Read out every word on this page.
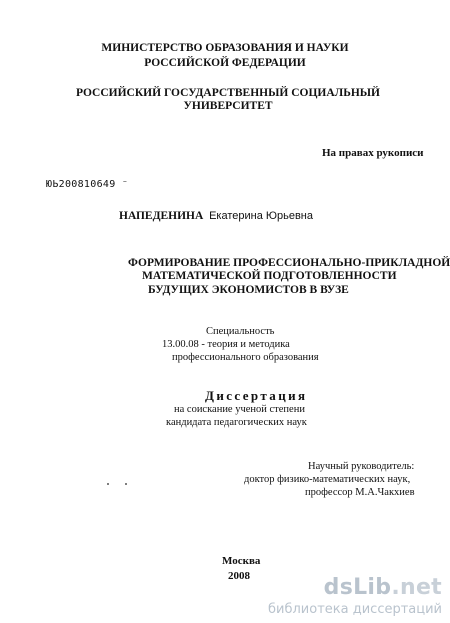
МИНИСТЕРСТВО ОБРАЗОВАНИЯ И НАУКИ
РОССИЙСКОЙ ФЕДЕРАЦИИ
РОССИЙСКИЙ ГОСУДАРСТВЕННЫЙ СОЦИАЛЬНЫЙ
УНИВЕРСИТЕТ
На правах рукописи
ЮЬ200810649 ⁻
НАПЕДЕНИНА Екатерина Юрьевна
ФОРМИРОВАНИЕ ПРОФЕССИОНАЛЬНО-ПРИКЛАДНОЙ
МАТЕМАТИЧЕСКОЙ ПОДГОТОВЛЕННОСТИ
БУДУЩИХ ЭКОНОМИСТОВ В ВУЗЕ
Специальность
13.00.08 - теория и методика
профессионального образования
Диссертация
на соискание ученой степени
кандидата педагогических наук
Научный руководитель:
доктор физико-математических наук,
профессор М.А.Чакхиев
Москва
2008	dsLib.net
библиотека диссертаций
